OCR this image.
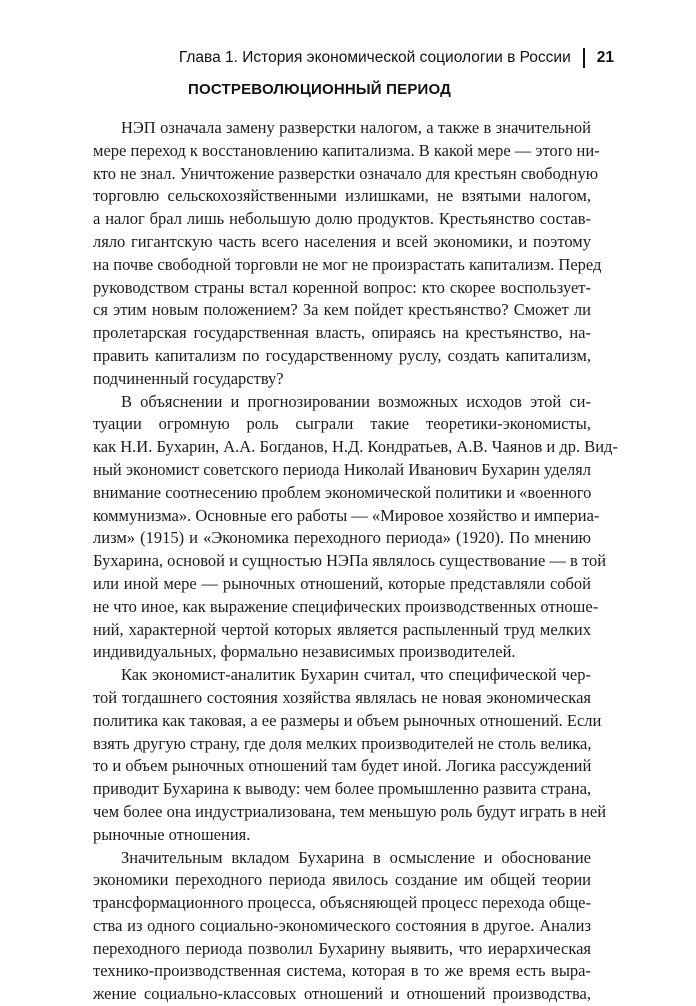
Глава 1. История экономической социологии в России 21
ПОСТРЕВОЛЮЦИОННЫЙ ПЕРИОД

НЭП означала замену разверстки налогом, а также в значительной
мере переход к восстановлению капитализма. В какой мере — этого ни-
кто не знал. Уничтожение разверстки означало для крестьян свободную
торговлю сельскохозяйственными излишками, не взятыми налогом,
а налог брал лишь небольшую долю продуктов. Крестьянство состав-
ляло гигантскую часть всего населения и всей экономики, и поэтому
на почве свободной торговли не мог не произрастать капитализм. Перед
руководством страны встал коренной вопрос: кто скорее воспользует-
ся этим новым положением? За кем пойдет крестьянство? Сможет ли
пролетарская государственная власть, опираясь на крестьянство, на-
править капитализм по государственному руслу, создать капитализм,
подчиненный государству?

В объяснении и прогнозировании возможных исходов этой си-
туации огромную роль сыграли такие теоретики-экономисты,
как Н.И. Бухарин, А.А. Богданов, Н.Д. Кондратьев, А.В. Чаянов и др. Вид-
ный экономист советского периода Николай Иванович Бухарин уделял
внимание соотнесению проблем экономической политики и «военного
коммунизма». Основные его работы — «Мировое хозяйство и империа-
лизм» (1915) и «Экономика переходного периода» (1920). По мнению
Бухарина, основой и сущностью НЭПа являлось существование — в той
или иной мере — рыночных отношений, которые представляли собой
не что иное, как выражение специфических производственных отноше-
ний, характерной чертой которых является распыленный труд мелких
индивидуальных, формально независимых производителей.

Как экономист-аналитик Бухарин считал, что специфической чер-
той тогдашнего состояния хозяйства являлась не новая экономическая
политика как таковая, а ее размеры и объем рыночных отношений. Если
взять другую страну, где доля мелких производителей не столь велика,
то и объем рыночных отношений там будет иной. Логика рассуждений
приводит Бухарина к выводу: чем более промышленно развита страна,
чем более она индустриализована, тем меньшую роль будут играть в ней
рыночные отношения.

Значительным вкладом Бухарина в осмысление и обоснование
экономики переходного периода явилось создание им общей теории
трансформационного процесса, объясняющей процесс перехода обще-
ства из одного социально-экономического состояния в другое. Анализ
переходного периода позволил Бухарину выявить, что иерархическая
технико-производственная система, которая в то же время есть выра-
жение социально-классовых отношений и отношений производства,
